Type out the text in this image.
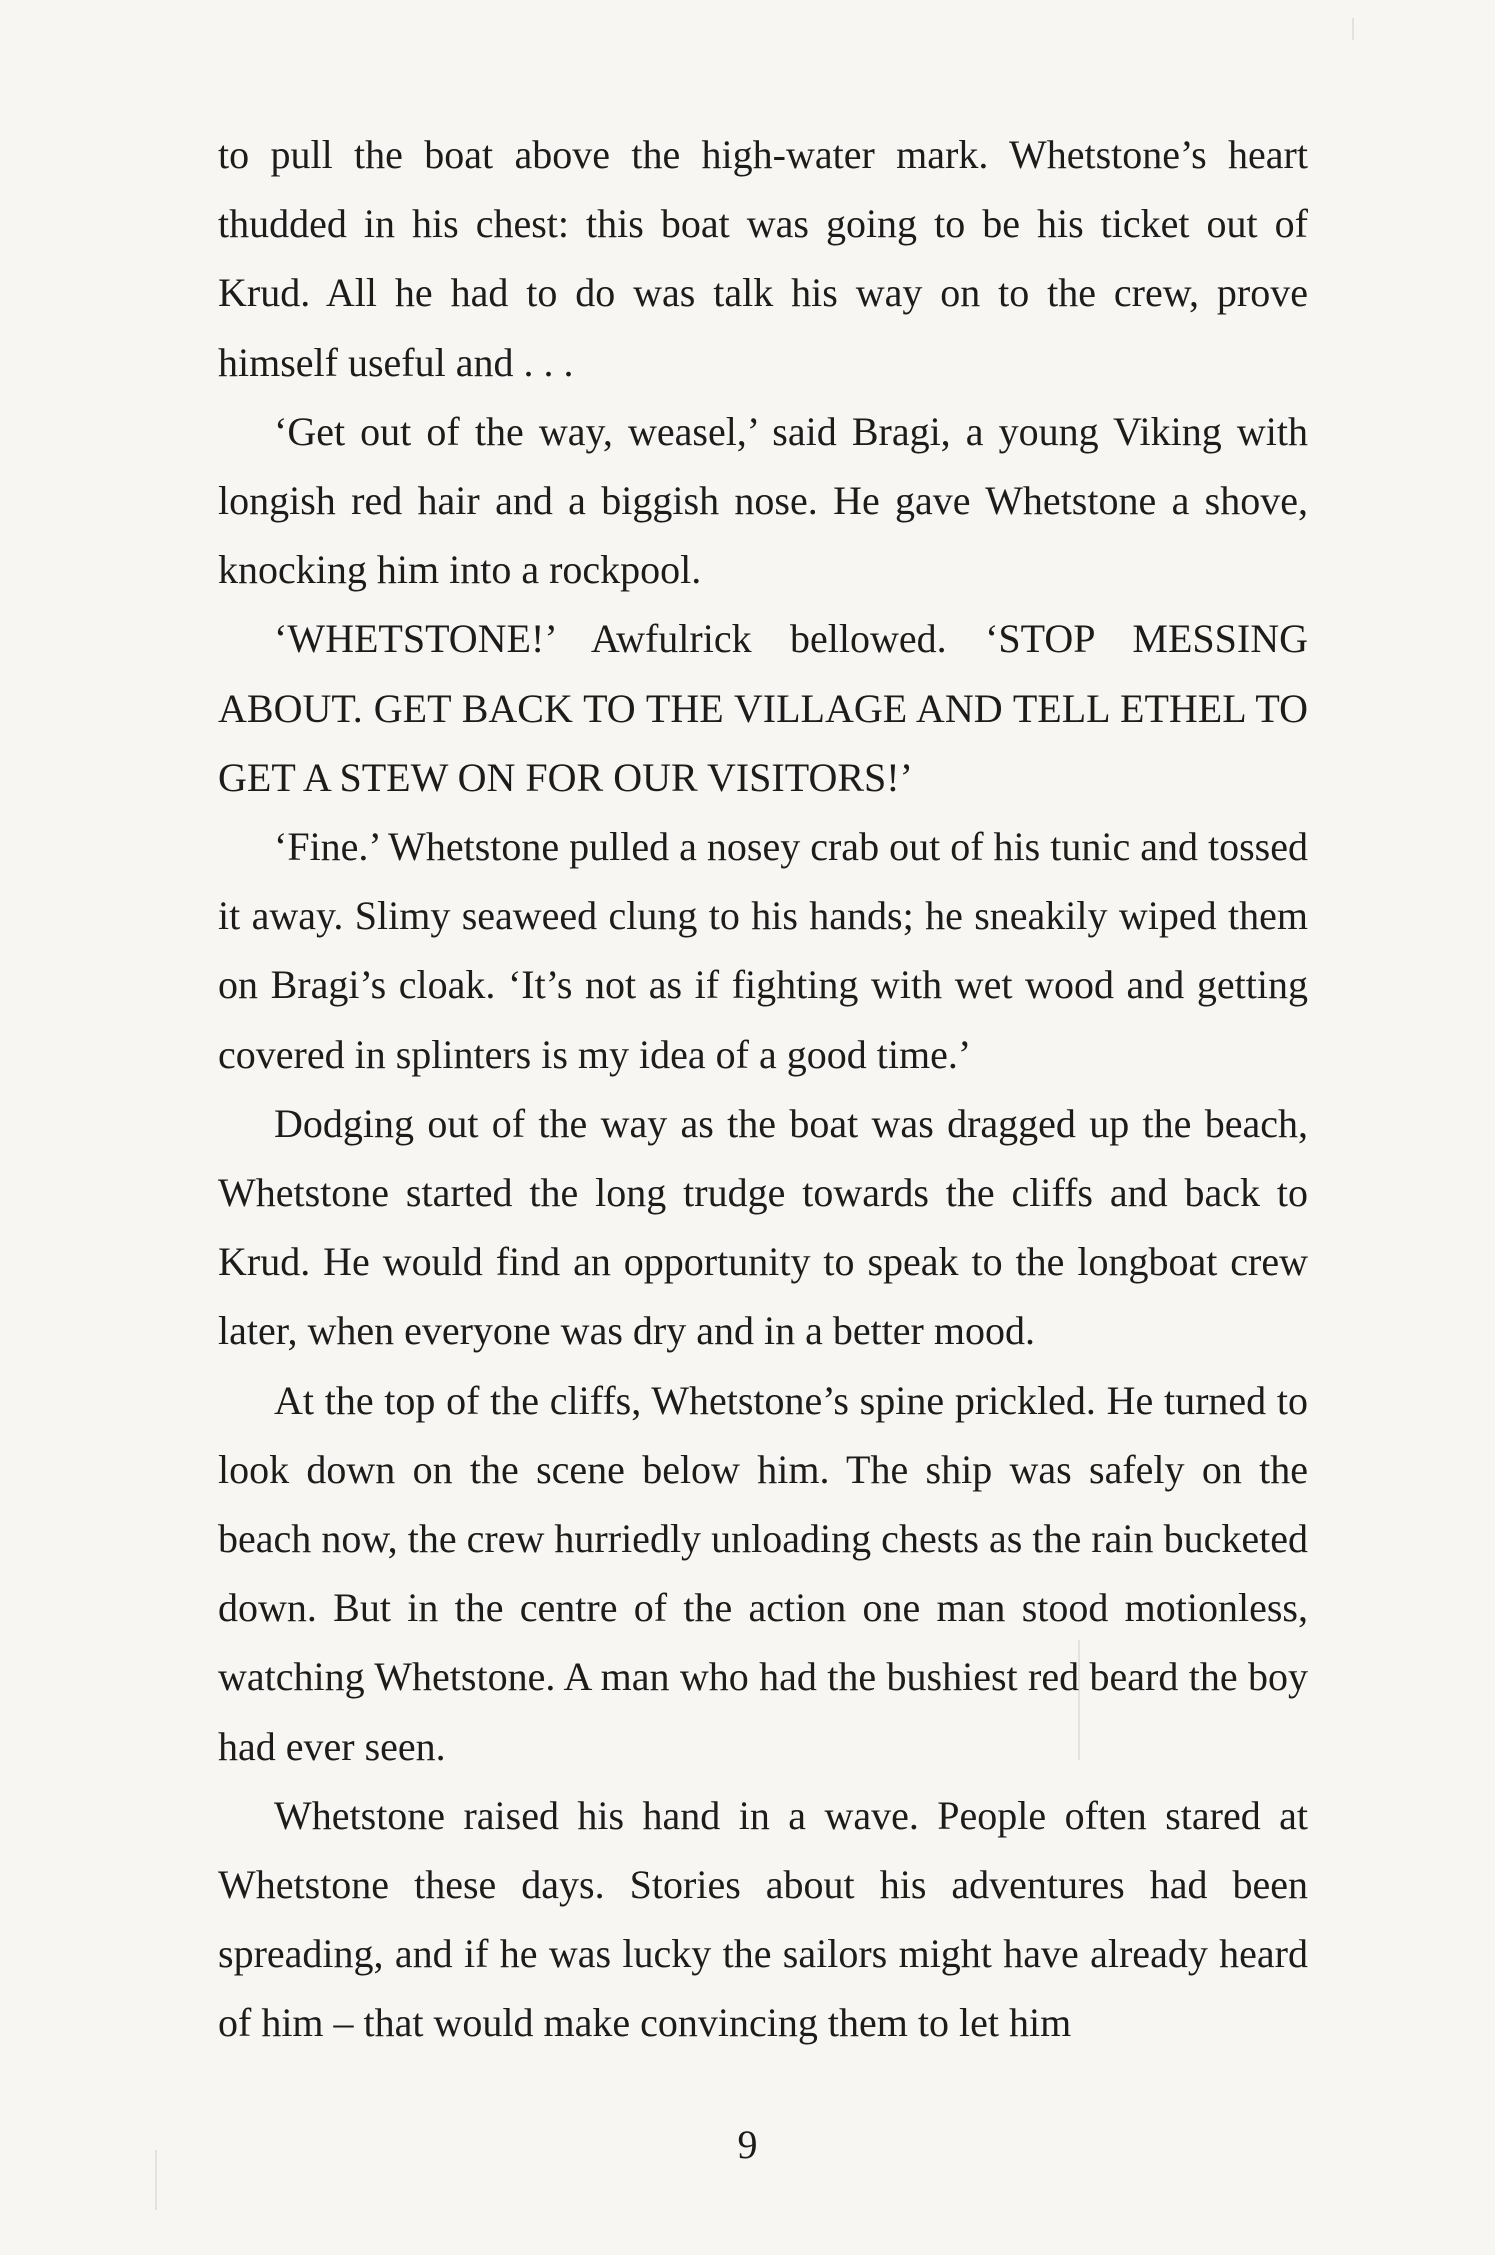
to pull the boat above the high-water mark. Whetstone’s heart thudded in his chest: this boat was going to be his ticket out of Krud. All he had to do was talk his way on to the crew, prove himself useful and . . .

‘Get out of the way, weasel,’ said Bragi, a young Viking with longish red hair and a biggish nose. He gave Whetstone a shove, knocking him into a rockpool.

‘WHETSTONE!’ Awfulrick bellowed. ‘STOP MESSING ABOUT. GET BACK TO THE VILLAGE AND TELL ETHEL TO GET A STEW ON FOR OUR VISITORS!’

‘Fine.’ Whetstone pulled a nosey crab out of his tunic and tossed it away. Slimy seaweed clung to his hands; he sneakily wiped them on Bragi’s cloak. ‘It’s not as if fighting with wet wood and getting covered in splinters is my idea of a good time.’

Dodging out of the way as the boat was dragged up the beach, Whetstone started the long trudge towards the cliffs and back to Krud. He would find an opportunity to speak to the longboat crew later, when everyone was dry and in a better mood.

At the top of the cliffs, Whetstone’s spine prickled. He turned to look down on the scene below him. The ship was safely on the beach now, the crew hurriedly unloading chests as the rain bucketed down. But in the centre of the action one man stood motionless, watching Whetstone. A man who had the bushiest red beard the boy had ever seen.

Whetstone raised his hand in a wave. People often stared at Whetstone these days. Stories about his adventures had been spreading, and if he was lucky the sailors might have already heard of him – that would make convincing them to let him

9
